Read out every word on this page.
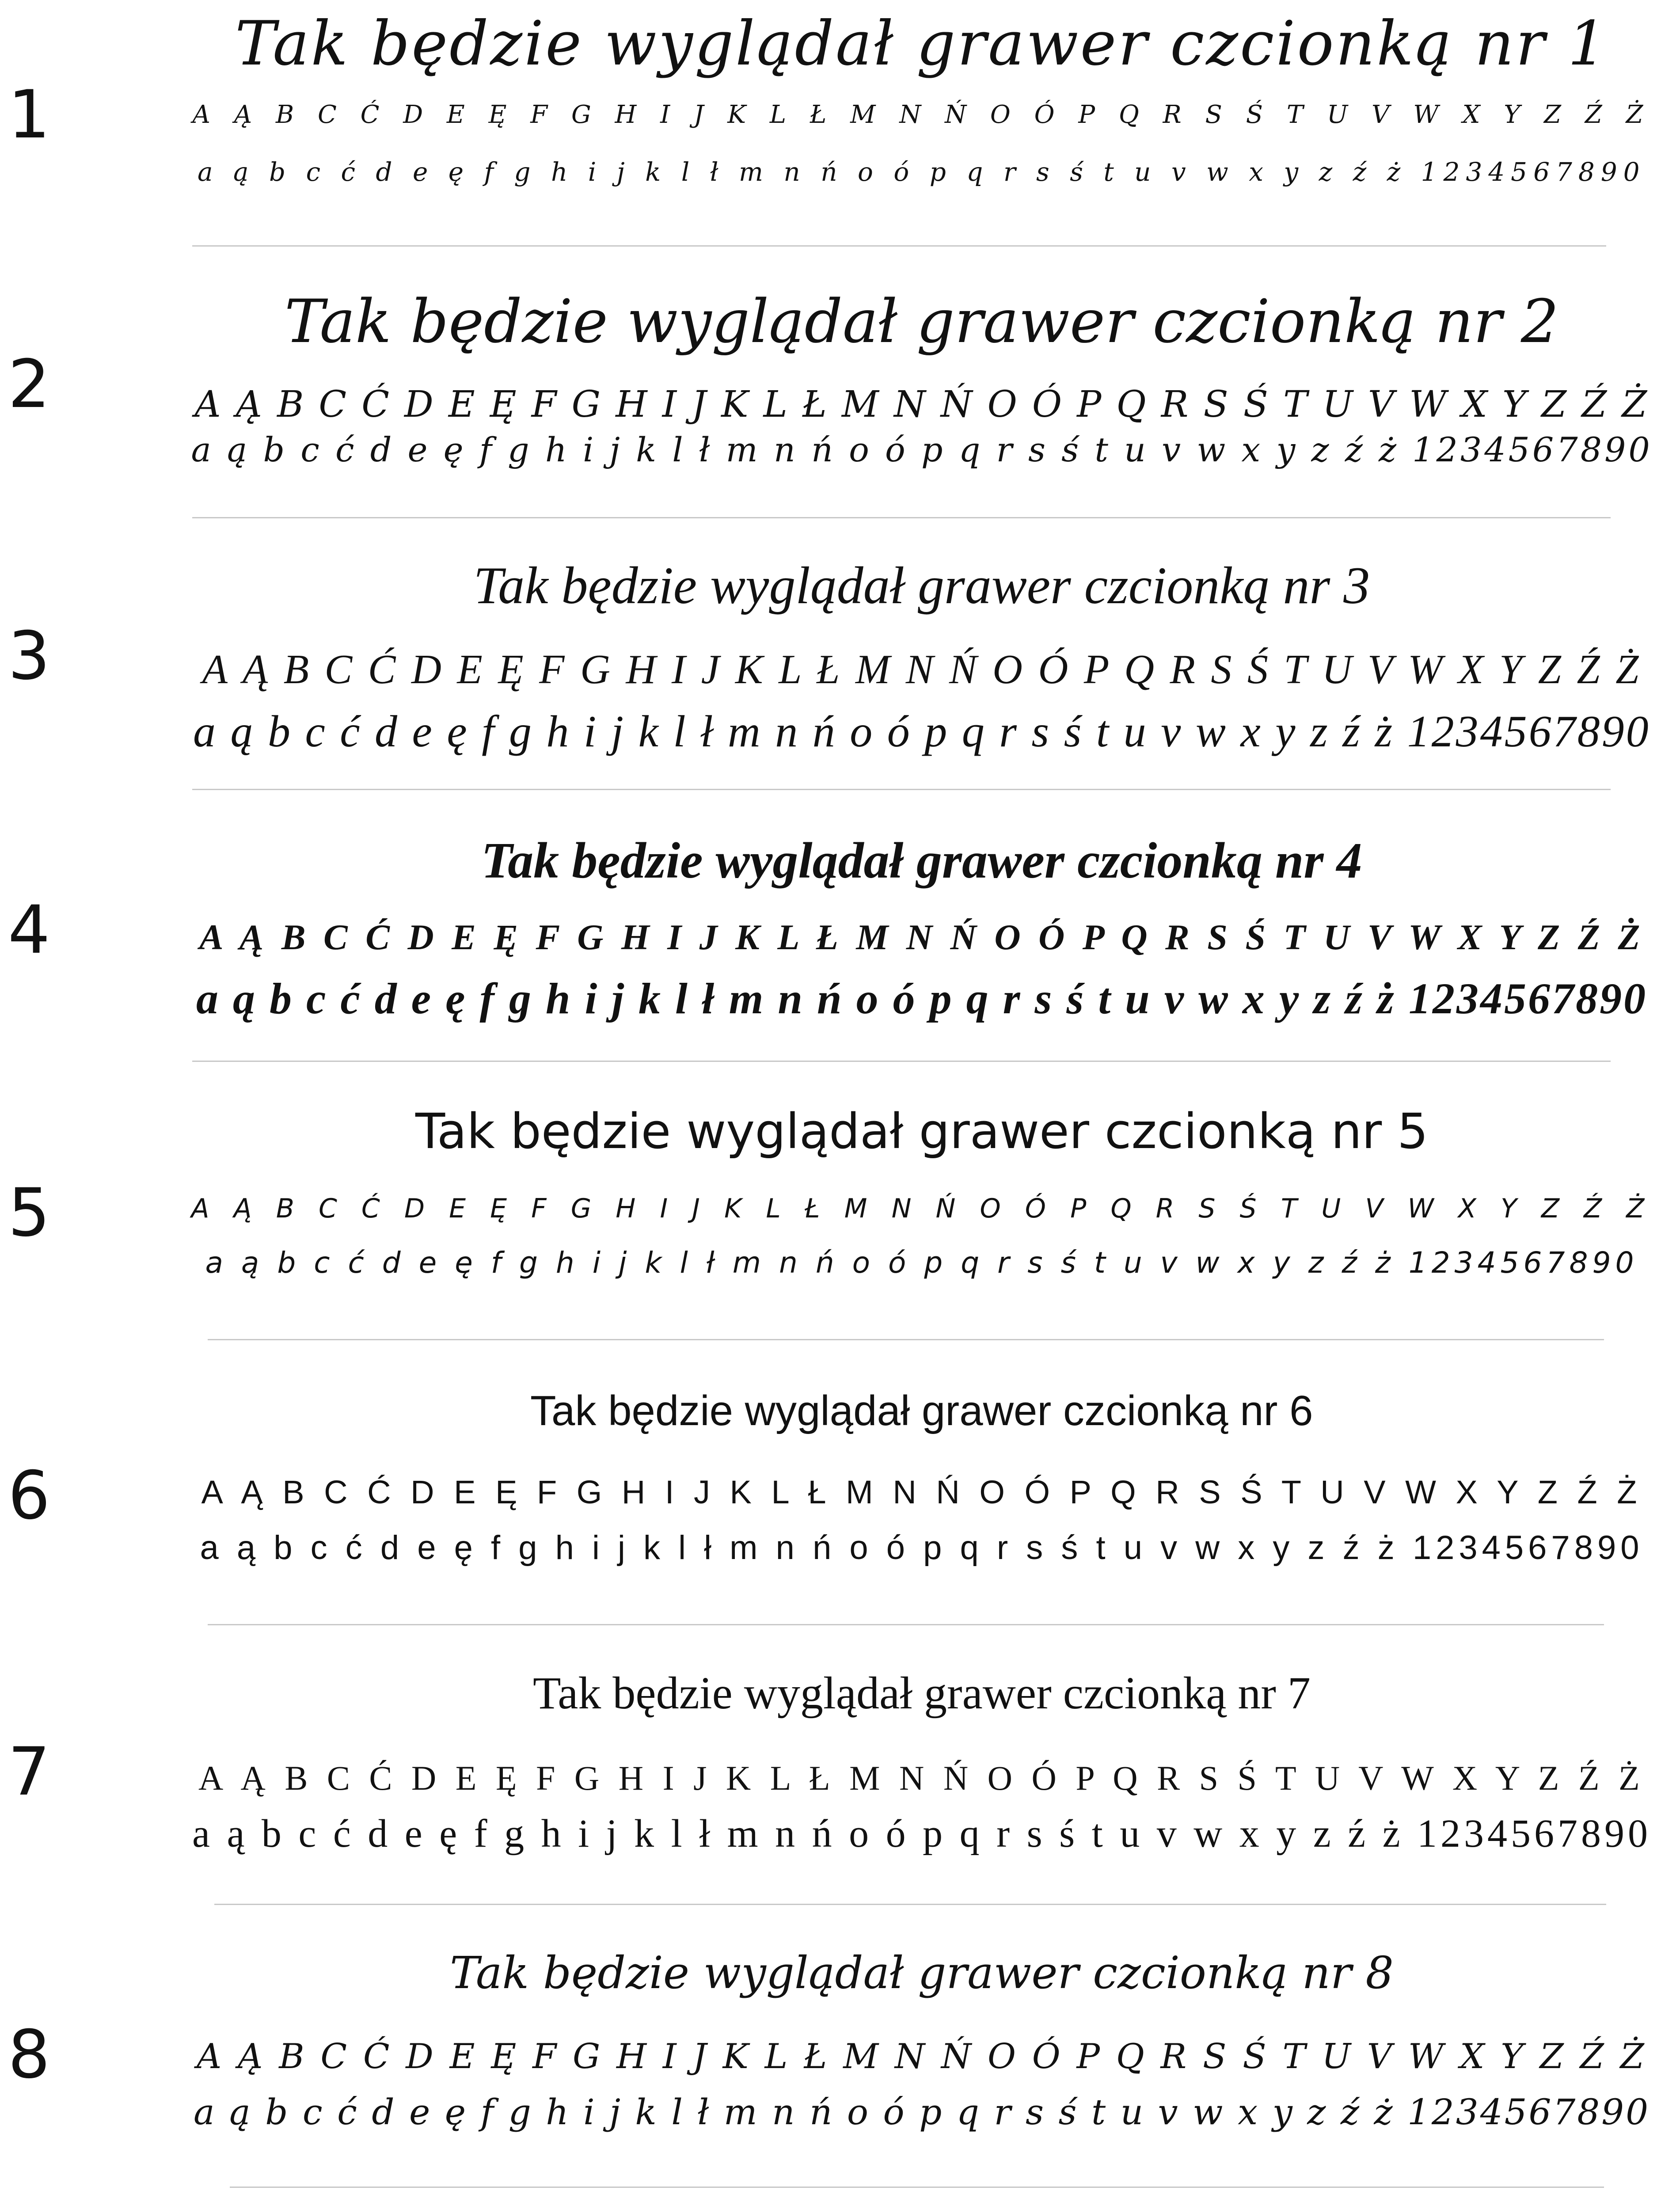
1
Tak będzie wyglądał grawer czcionką nr 1
A Ą B C Ć D E Ę F G H I J K L Ł M N Ń O Ó P Q R S Ś T U V W X Y Z Ź Ż
a ą b c ć d e ę f g h i j k l ł m n ń o ó p q r s ś t u v w x y z ź ż 1234567890
2
Tak będzie wyglądał grawer czcionką nr 2
A Ą B C Ć D E Ę F G H I J K L Ł M N Ń O Ó P Q R S Ś T U V W X Y Z Ź Ż
a ą b c ć d e ę f g h i j k l ł m n ń o ó p q r s ś t u v w x y z ź ż 1234567890
3
Tak będzie wyglądał grawer czcionką nr 3
A Ą B C Ć D E Ę F G H I J K L Ł M N Ń O Ó P Q R S Ś T U V W X Y Z Ź Ż
a ą b c ć d e ę f g h i j k l ł m n ń o ó p q r s ś t u v w x y z ź ż 1234567890
4
Tak będzie wyglądał grawer czcionką nr 4
A Ą B C Ć D E Ę F G H I J K L Ł M N Ń O Ó P Q R S Ś T U V W X Y Z Ź Ż
a ą b c ć d e ę f g h i j k l ł m n ń o ó p q r s ś t u v w x y z ź ż 1234567890
5
Tak będzie wyglądał grawer czcionką nr 5
A Ą B C Ć D E Ę F G H I J K L Ł M N Ń O Ó P Q R S Ś T U V W X Y Z Ź Ż
a ą b c ć d e ę f g h i j k l ł m n ń o ó p q r s ś t u v w x y z ź ż 1234567890
6
Tak będzie wyglądał grawer czcionką nr 6
A Ą B C Ć D E Ę F G H I J K L Ł M N Ń O Ó P Q R S Ś T U V W X Y Z Ź Ż
a ą b c ć d e ę f g h i j k l ł m n ń o ó p q r s ś t u v w x y z ź ż 1234567890
7
Tak będzie wyglądał grawer czcionką nr 7
A Ą B C Ć D E Ę F G H I J K L Ł M N Ń O Ó P Q R S Ś T U V W X Y Z Ź Ż
a ą b c ć d e ę f g h i j k l ł m n ń o ó p q r s ś t u v w x y z ź ż 1234567890
8
Tak będzie wyglądał grawer czcionką nr 8
A Ą B C Ć D E Ę F G H I J K L Ł M N Ń O Ó P Q R S Ś T U V W X Y Z Ź Ż
a ą b c ć d e ę f g h i j k l ł m n ń o ó p q r s ś t u v w x y z ź ż 1234567890
